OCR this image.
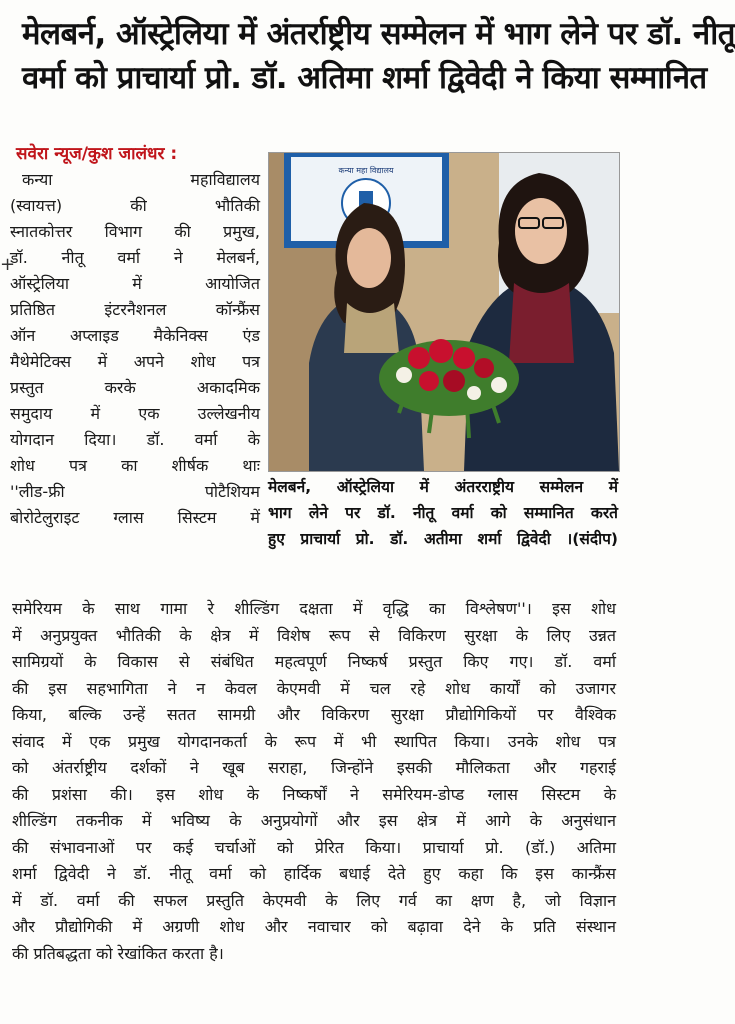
मेलबर्न, ऑस्ट्रेलिया में अंतर्राष्ट्रीय सम्मेलन में भाग लेने पर डॉ. नीतू
वर्मा को प्राचार्या प्रो. डॉ. अतिमा शर्मा द्विवेदी ने किया सम्मानित
+
सवेरा न्यूज/कुश जालंधर :
कन्या महाविद्यालय
(स्वायत्त) की भौतिकी
स्नातकोत्तर विभाग की प्रमुख,
डॉ. नीतू वर्मा ने मेलबर्न,
ऑस्ट्रेलिया में आयोजित
प्रतिष्ठित इंटरनैशनल कॉन्फ्रैंस
ऑन अप्लाइड मैकेनिक्स एंड
मैथेमेटिक्स में अपने शोध पत्र
प्रस्तुत करके अकादमिक
समुदाय में एक उल्लेखनीय
योगदान दिया। डॉ. वर्मा के
शोध पत्र का शीर्षक थाः
''लीड-फ्री पोटैशियम
बोरोटेलुराइट ग्लास सिस्टम में
कन्या महा विद्यालय
मेलबर्न, ऑस्ट्रेलिया में अंतरराष्ट्रीय सम्मेलन में
भाग लेने पर डॉ. नीतू वर्मा को सम्मानित करते
हुए प्राचार्या प्रो. डॉ. अतीमा शर्मा द्विवेदी ।(संदीप)
समेरियम के साथ गामा रे शील्डिंग दक्षता में वृद्धि का विश्लेषण''। इस शोध
में अनुप्रयुक्त भौतिकी के क्षेत्र में विशेष रूप से विकिरण सुरक्षा के लिए उन्नत
सामिग्रयों के विकास से संबंधित महत्वपूर्ण निष्कर्ष प्रस्तुत किए गए। डॉ. वर्मा
की इस सहभागिता ने न केवल केएमवी में चल रहे शोध कार्यों को उजागर
किया, बल्कि उन्हें सतत सामग्री और विकिरण सुरक्षा प्रौद्योगिकियों पर वैश्विक
संवाद में एक प्रमुख योगदानकर्ता के रूप में भी स्थापित किया। उनके शोध पत्र
को अंतर्राष्ट्रीय दर्शकों ने खूब सराहा, जिन्होंने इसकी मौलिकता और गहराई
की प्रशंसा की। इस शोध के निष्कर्षों ने समेरियम-डोप्ड ग्लास सिस्टम के
शील्डिंग तकनीक में भविष्य के अनुप्रयोगों और इस क्षेत्र में आगे के अनुसंधान
की संभावनाओं पर कई चर्चाओं को प्रेरित किया। प्राचार्या प्रो. (डॉ.) अतिमा
शर्मा द्विवेदी ने डॉ. नीतू वर्मा को हार्दिक बधाई देते हुए कहा कि इस कान्फ्रैंस
में डॉ. वर्मा की सफल प्रस्तुति केएमवी के लिए गर्व का क्षण है, जो विज्ञान
और प्रौद्योगिकी में अग्रणी शोध और नवाचार को बढ़ावा देने के प्रति संस्थान
की प्रतिबद्धता को रेखांकित करता है।
